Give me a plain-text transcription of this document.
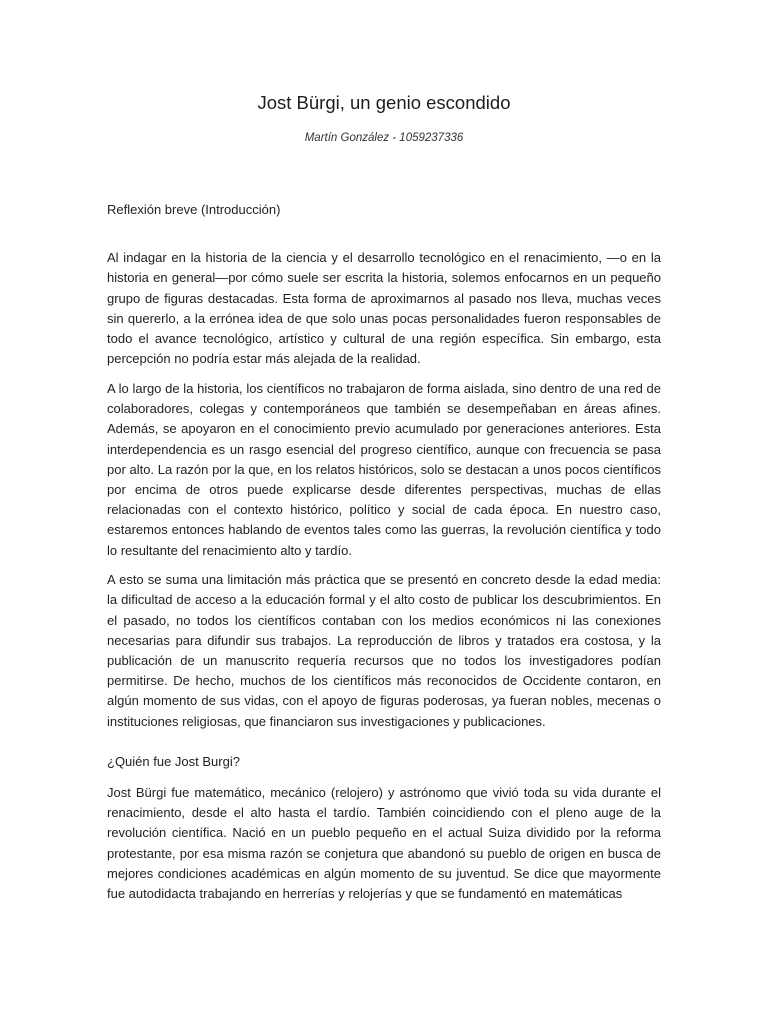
Jost Bürgi, un genio escondido
Martín González - 1059237336
Reflexión breve (Introducción)

Al indagar en la historia de la ciencia y el desarrollo tecnológico en el renacimiento, —o en la historia en general—por cómo suele ser escrita la historia, solemos enfocarnos en un pequeño grupo de figuras destacadas. Esta forma de aproximarnos al pasado nos lleva, muchas veces sin quererlo, a la errónea idea de que solo unas pocas personalidades fueron responsables de todo el avance tecnológico, artístico y cultural de una región específica. Sin embargo, esta percepción no podría estar más alejada de la realidad.

A lo largo de la historia, los científicos no trabajaron de forma aislada, sino dentro de una red de colaboradores, colegas y contemporáneos que también se desempeñaban en áreas afines. Además, se apoyaron en el conocimiento previo acumulado por generaciones anteriores. Esta interdependencia es un rasgo esencial del progreso científico, aunque con frecuencia se pasa por alto. La razón por la que, en los relatos históricos, solo se destacan a unos pocos científicos por encima de otros puede explicarse desde diferentes perspectivas, muchas de ellas relacionadas con el contexto histórico, político y social de cada época. En nuestro caso, estaremos entonces hablando de eventos tales como las guerras, la revolución científica y todo lo resultante del renacimiento alto y tardío.

A esto se suma una limitación más práctica que se presentó en concreto desde la edad media: la dificultad de acceso a la educación formal y el alto costo de publicar los descubrimientos. En el pasado, no todos los científicos contaban con los medios económicos ni las conexiones necesarias para difundir sus trabajos. La reproducción de libros y tratados era costosa, y la publicación de un manuscrito requería recursos que no todos los investigadores podían permitirse. De hecho, muchos de los científicos más reconocidos de Occidente contaron, en algún momento de sus vidas, con el apoyo de figuras poderosas, ya fueran nobles, mecenas o instituciones religiosas, que financiaron sus investigaciones y publicaciones.

¿Quién fue Jost Burgi?

Jost Bürgi fue matemático, mecánico (relojero) y astrónomo que vivió toda su vida durante el renacimiento, desde el alto hasta el tardío. También coincidiendo con el pleno auge de la revolución científica. Nació en un pueblo pequeño en el actual Suiza dividido por la reforma protestante, por esa misma razón se conjetura que abandonó su pueblo de origen en busca de mejores condiciones académicas en algún momento de su juventud. Se dice que mayormente fue autodidacta trabajando en herrerías y relojerías y que se fundamentó en matemáticas
